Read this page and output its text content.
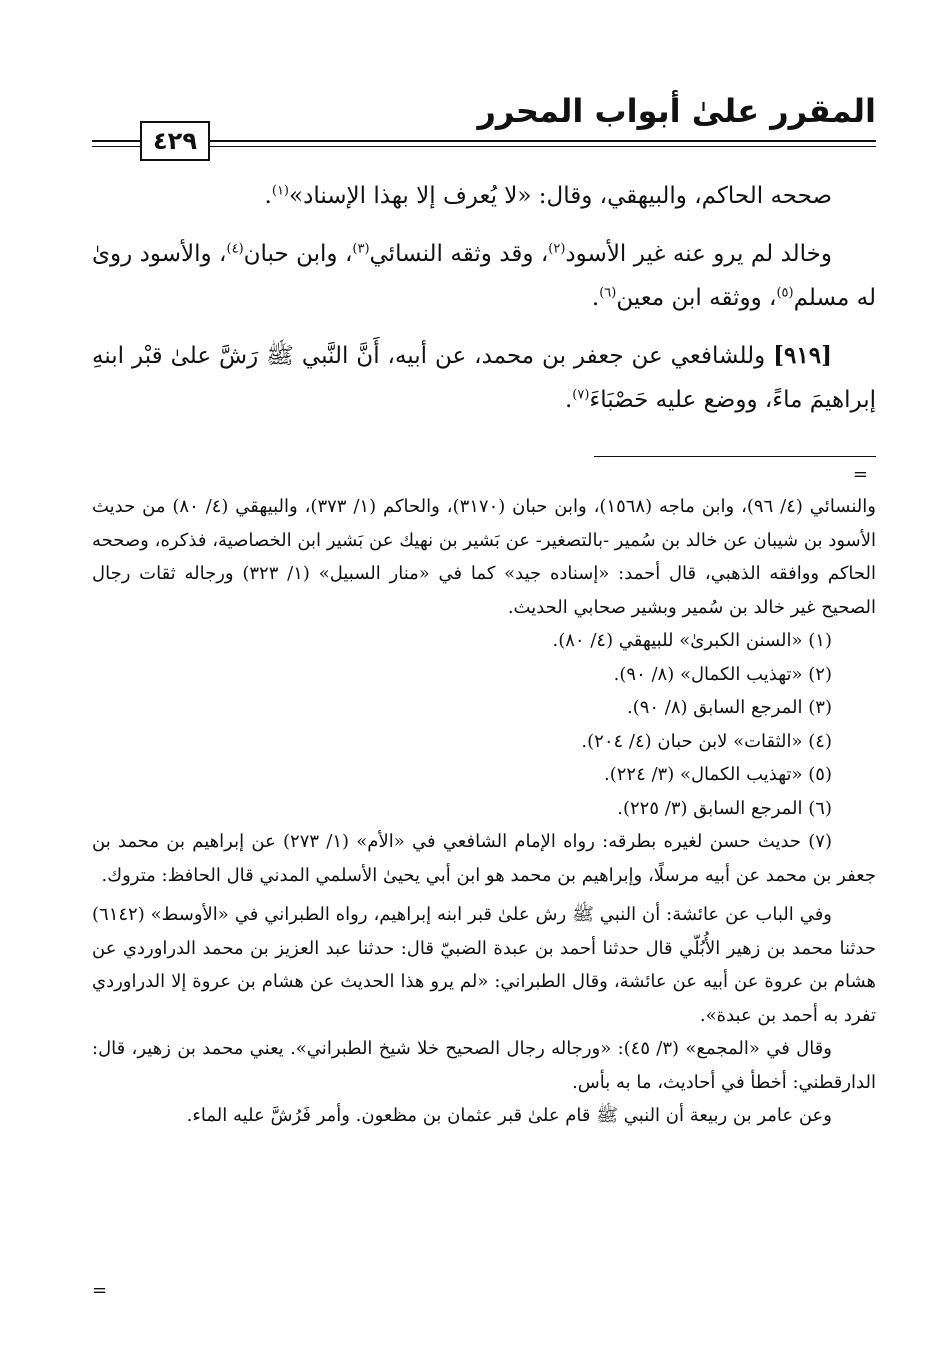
المقرر علىٰ أبواب المحرر
٤٢٩

صححه الحاكم، والبيهقي، وقال: «لا يُعرف إلا بهذا الإسناد»$^{(١)}$.

وخالد لم يرو عنه غير الأسود$^{(٢)}$، وقد وثقه النسائي$^{(٣)}$، وابن حبان$^{(٤)}$، والأسود روىٰ له مسلم$^{(٥)}$، ووثقه ابن معين$^{(٦)}$.

[٩١٩] وللشافعي عن جعفر بن محمد، عن أبيه، أَنَّ النَّبي ﷺ رَشَّ علىٰ قبْر ابنهِ إبراهيمَ ماءً، ووضع عليه حَصْبَاءَ$^{(٧)}$.

=

والنسائي (٤/ ٩٦)، وابن ماجه (١٥٦٨)، وابن حبان (٣١٧٠)، والحاكم (١/ ٣٧٣)، والبيهقي (٤/ ٨٠) من حديث الأسود بن شيبان عن خالد بن سُمير -بالتصغير- عن بَشير بن نهيك عن بَشير ابن الخصاصية، فذكره، وصححه الحاكم ووافقه الذهبي، قال أحمد: «إسناده جيد» كما في «منار السبيل» (١/ ٣٢٣) ورجاله ثقات رجال الصحيح غير خالد بن سُمير وبشير صحابي الحديث.

(١) «السنن الكبرىٰ» للبيهقي (٤/ ٨٠).

(٢) «تهذيب الكمال» (٨/ ٩٠).

(٣) المرجع السابق (٨/ ٩٠).

(٤) «الثقات» لابن حبان (٤/ ٢٠٤).

(٥) «تهذيب الكمال» (٣/ ٢٢٤).

(٦) المرجع السابق (٣/ ٢٢٥).

(٧) حديث حسن لغيره بطرقه: رواه الإمام الشافعي في «الأم» (١/ ٢٧٣) عن إبراهيم بن محمد بن جعفر بن محمد عن أبيه مرسلًا، وإبراهيم بن محمد هو ابن أبي يحيىٰ الأسلمي المدني قال الحافظ: متروك.

وفي الباب عن عائشة: أن النبي ﷺ رش علىٰ قبر ابنه إبراهيم، رواه الطبراني في «الأوسط» (٦١٤٢) حدثنا محمد بن زهير الأُبُلّي قال حدثنا أحمد بن عبدة الضبيّ قال: حدثنا عبد العزيز بن محمد الدراوردي عن هشام بن عروة عن أبيه عن عائشة، وقال الطبراني: «لم يرو هذا الحديث عن هشام بن عروة إلا الدراوردي تفرد به أحمد بن عبدة».

وقال في «المجمع» (٣/ ٤٥): «ورجاله رجال الصحيح خلا شيخ الطبراني». يعني محمد بن زهير، قال: الدارقطني: أخطأ في أحاديث، ما به بأس.

وعن عامر بن ربيعة أن النبي ﷺ قام علىٰ قبر عثمان بن مظعون. وأمر فَرُشَّ عليه الماء.

=
